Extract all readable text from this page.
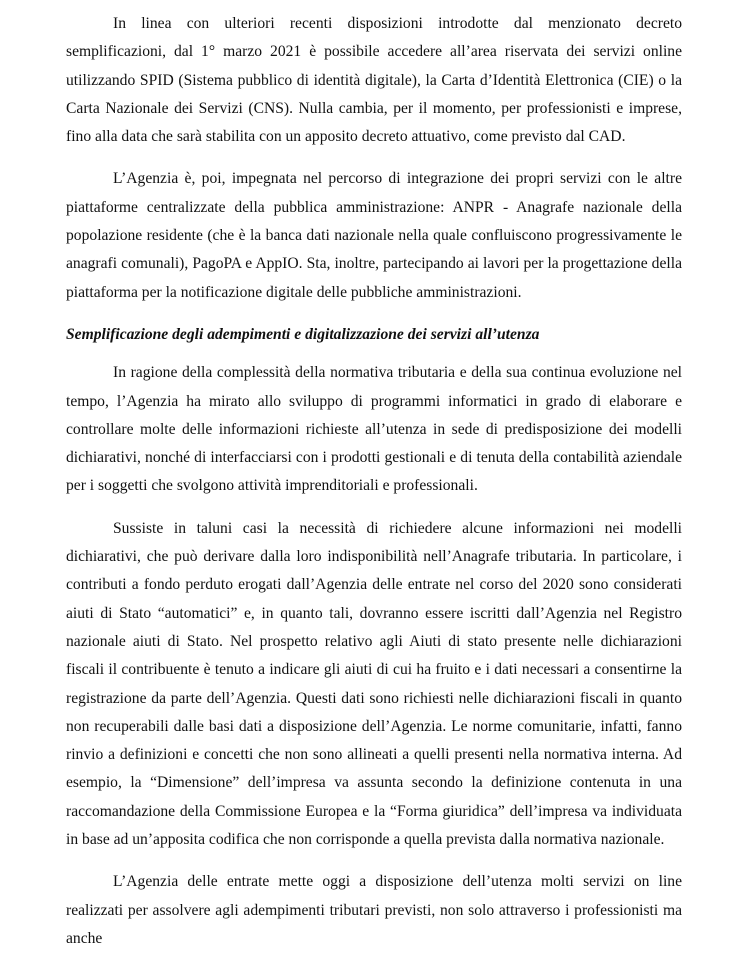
In linea con ulteriori recenti disposizioni introdotte dal menzionato decreto semplificazioni, dal 1° marzo 2021 è possibile accedere all’area riservata dei servizi online utilizzando SPID (Sistema pubblico di identità digitale), la Carta d’Identità Elettronica (CIE) o la Carta Nazionale dei Servizi (CNS). Nulla cambia, per il momento, per professionisti e imprese, fino alla data che sarà stabilita con un apposito decreto attuativo, come previsto dal CAD.

L’Agenzia è, poi, impegnata nel percorso di integrazione dei propri servizi con le altre piattaforme centralizzate della pubblica amministrazione: ANPR - Anagrafe nazionale della popolazione residente (che è la banca dati nazionale nella quale confluiscono progressivamente le anagrafi comunali), PagoPA e AppIO. Sta, inoltre, partecipando ai lavori per la progettazione della piattaforma per la notificazione digitale delle pubbliche amministrazioni.

Semplificazione degli adempimenti e digitalizzazione dei servizi all’utenza

In ragione della complessità della normativa tributaria e della sua continua evoluzione nel tempo, l’Agenzia ha mirato allo sviluppo di programmi informatici in grado di elaborare e controllare molte delle informazioni richieste all’utenza in sede di predisposizione dei modelli dichiarativi, nonché di interfacciarsi con i prodotti gestionali e di tenuta della contabilità aziendale per i soggetti che svolgono attività imprenditoriali e professionali.

Sussiste in taluni casi la necessità di richiedere alcune informazioni nei modelli dichiarativi, che può derivare dalla loro indisponibilità nell’Anagrafe tributaria. In particolare, i contributi a fondo perduto erogati dall’Agenzia delle entrate nel corso del 2020 sono considerati aiuti di Stato “automatici” e, in quanto tali, dovranno essere iscritti dall’Agenzia nel Registro nazionale aiuti di Stato. Nel prospetto relativo agli Aiuti di stato presente nelle dichiarazioni fiscali il contribuente è tenuto a indicare gli aiuti di cui ha fruito e i dati necessari a consentirne la registrazione da parte dell’Agenzia. Questi dati sono richiesti nelle dichiarazioni fiscali in quanto non recuperabili dalle basi dati a disposizione dell’Agenzia. Le norme comunitarie, infatti, fanno rinvio a definizioni e concetti che non sono allineati a quelli presenti nella normativa interna. Ad esempio, la “Dimensione” dell’impresa va assunta secondo la definizione contenuta in una raccomandazione della Commissione Europea e la “Forma giuridica” dell’impresa va individuata in base ad un’apposita codifica che non corrisponde a quella prevista dalla normativa nazionale.

L’Agenzia delle entrate mette oggi a disposizione dell’utenza molti servizi on line realizzati per assolvere agli adempimenti tributari previsti, non solo attraverso i professionisti ma anche
